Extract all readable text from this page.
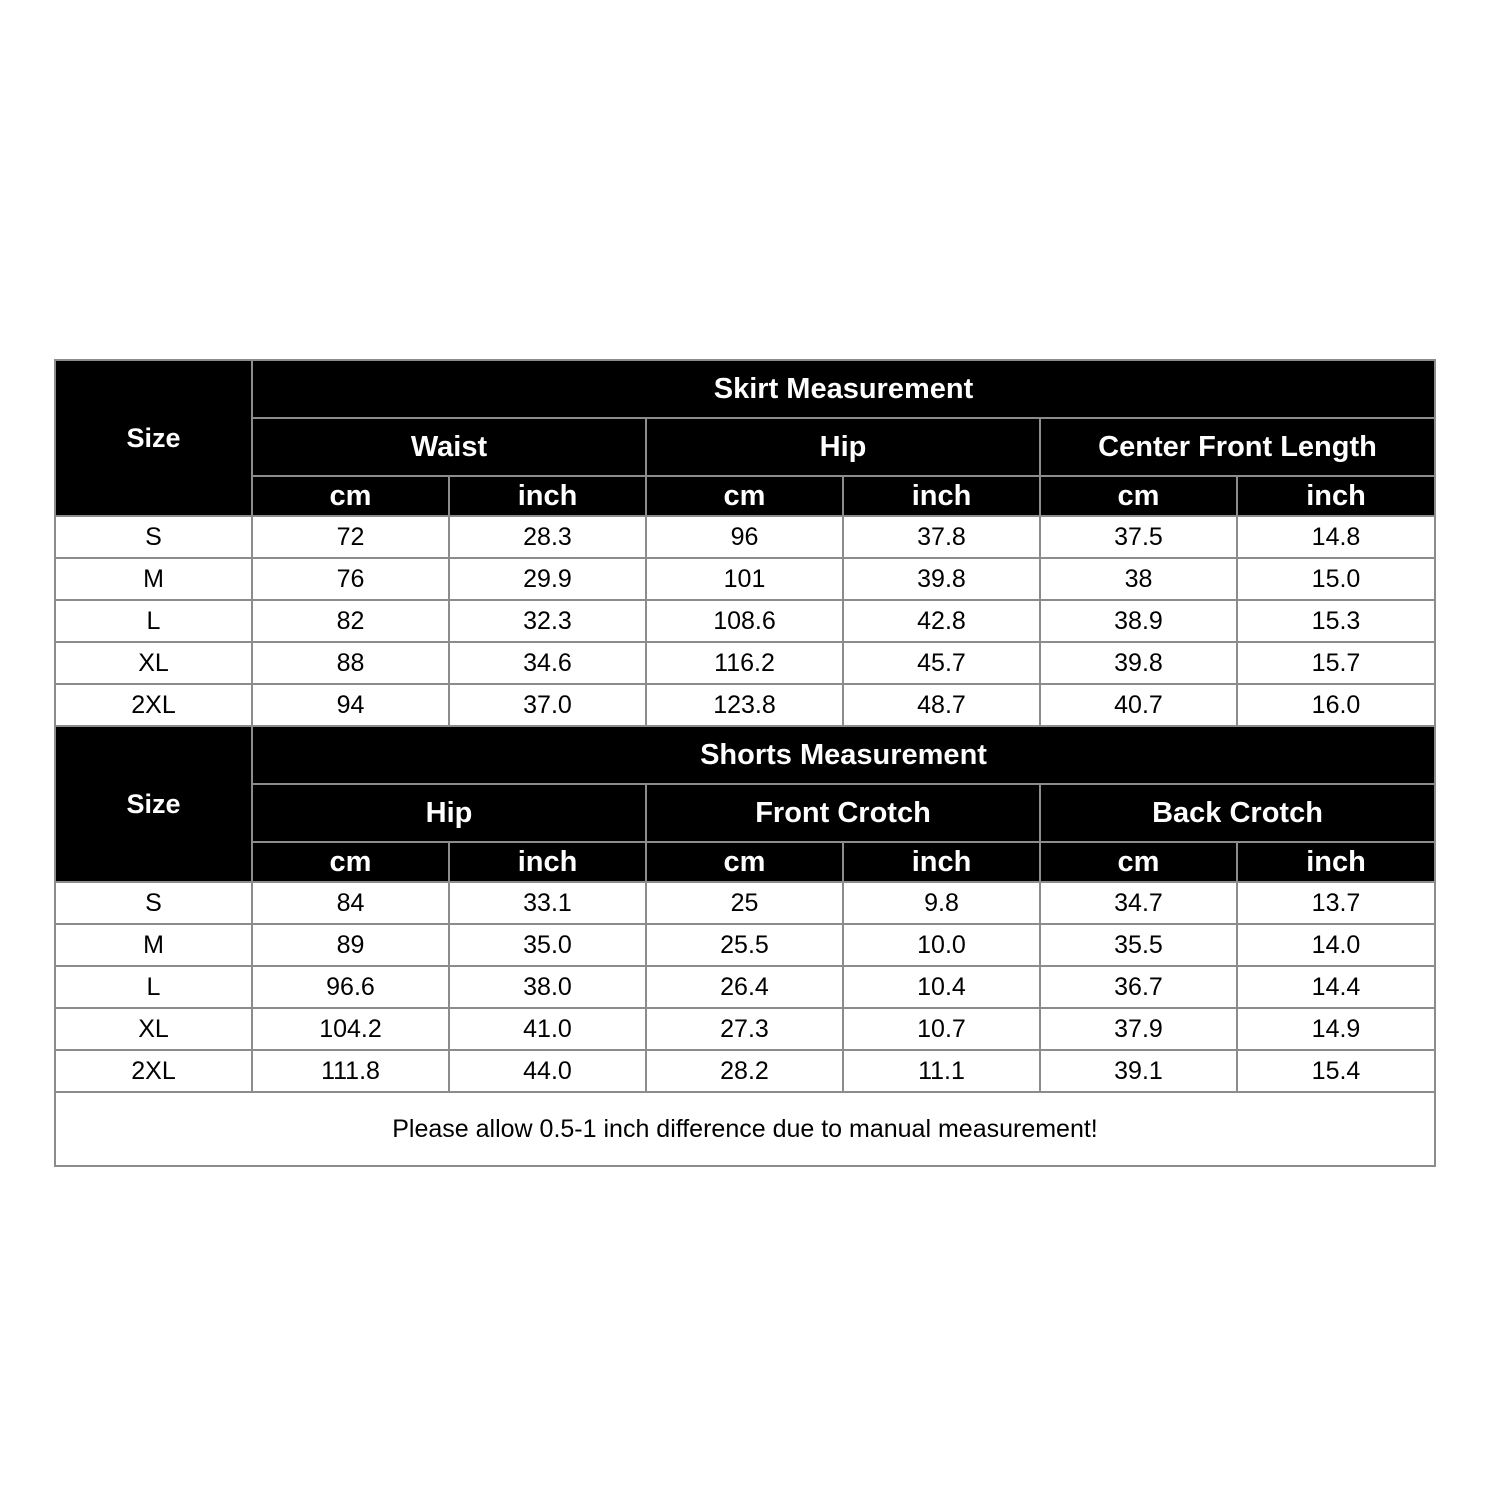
Size	Skirt Measurement					
	Waist		Hip		Center Front Length	
	cm	inch	cm	inch	cm	inch
S	72	28.3	96	37.8	37.5	14.8
M	76	29.9	101	39.8	38	15.0
L	82	32.3	108.6	42.8	38.9	15.3
XL	88	34.6	116.2	45.7	39.8	15.7
2XL	94	37.0	123.8	48.7	40.7	16.0
Size	Shorts Measurement					
	Hip		Front Crotch		Back Crotch	
	cm	inch	cm	inch	cm	inch
S	84	33.1	25	9.8	34.7	13.7
M	89	35.0	25.5	10.0	35.5	14.0
L	96.6	38.0	26.4	10.4	36.7	14.4
XL	104.2	41.0	27.3	10.7	37.9	14.9
2XL	111.8	44.0	28.2	11.1	39.1	15.4
Please allow 0.5-1 inch difference due to manual measurement!						
